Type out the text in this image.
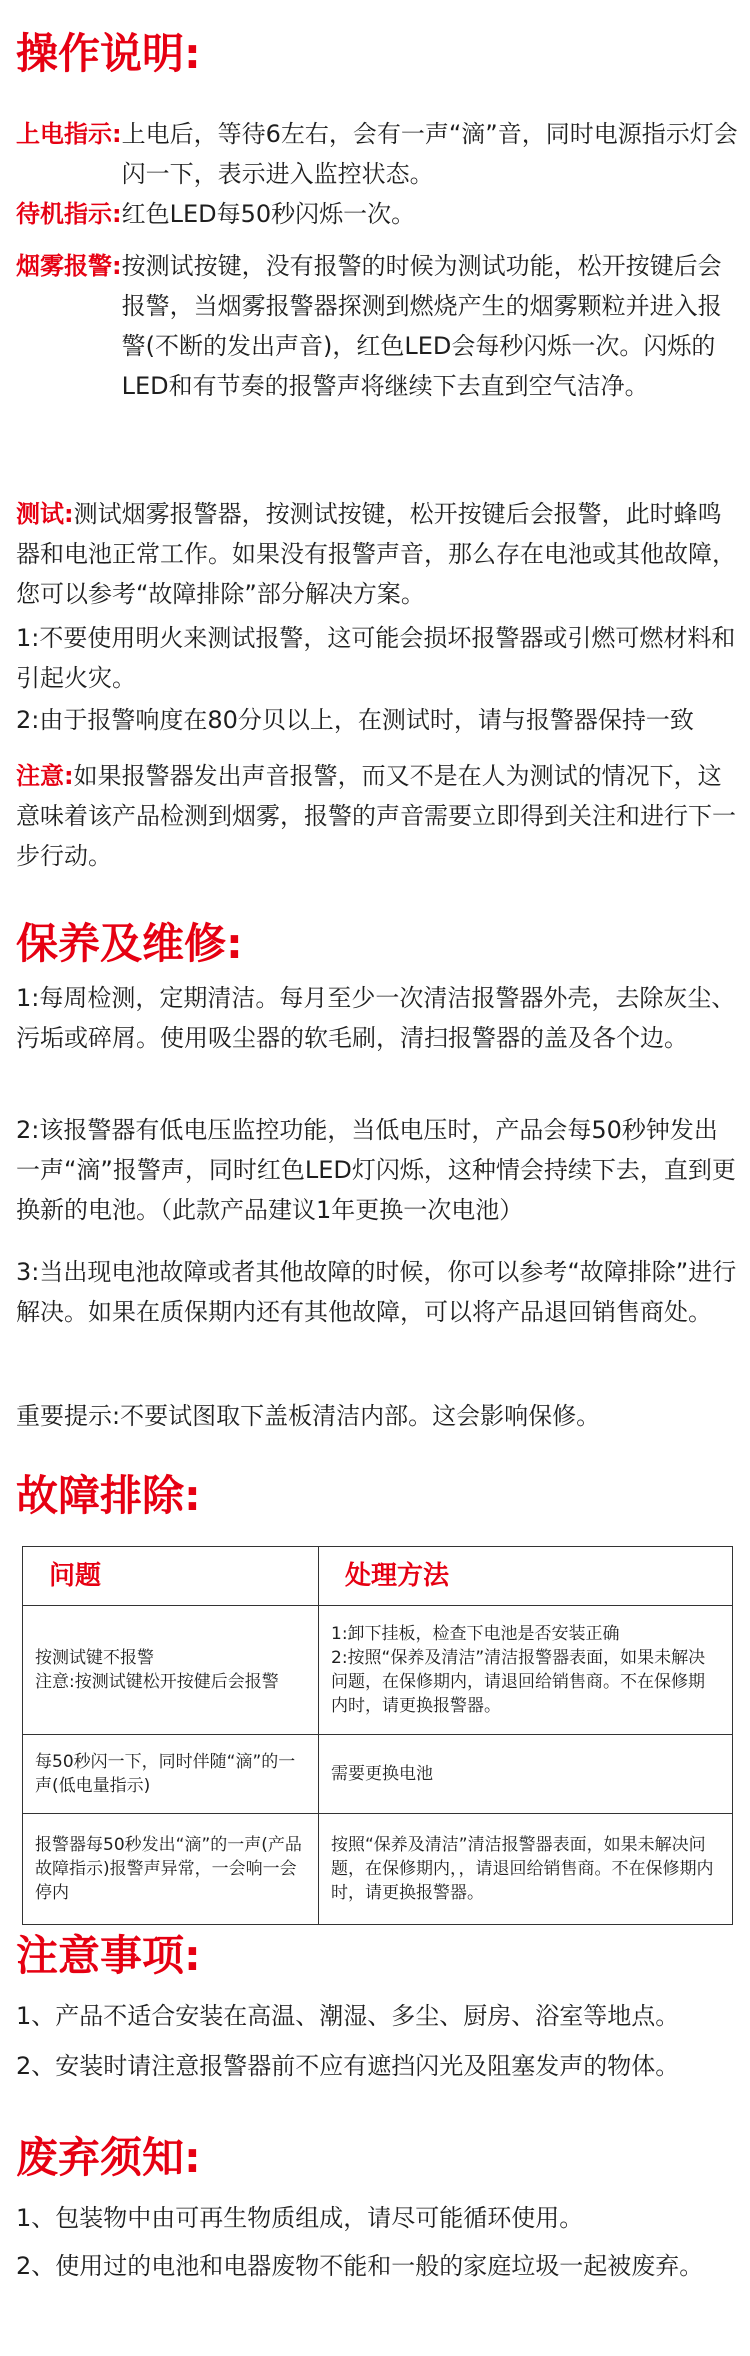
操作说明:
上电指示: 上电后，等待6左右，会有一声“滴”音，同时电源指示灯会闪一下，表示进入监控状态。
待机指示: 红色LED每50秒闪烁一次。
烟雾报警: 按测试按键，没有报警的时候为测试功能，松开按键后会报警，当烟雾报警器探测到燃烧产生的烟雾颗粒并进入报警(不断的发出声音)，红色LED会每秒闪烁一次。闪烁的LED和有节奏的报警声将继续下去直到空气洁净。

测试:测试烟雾报警器，按测试按键，松开按键后会报警，此时蜂鸣器和电池正常工作。如果没有报警声音，那么存在电池或其他故障，您可以参考“故障排除”部分解决方案。

1:不要使用明火来测试报警，这可能会损坏报警器或引燃可燃材料和引起火灾。

2:由于报警响度在80分贝以上，在测试时，请与报警器保持一致

注意:如果报警器发出声音报警，而又不是在人为测试的情况下，这意味着该产品检测到烟雾，报警的声音需要立即得到关注和进行下一步行动。

保养及维修:

1:每周检测，定期清洁。每月至少一次清洁报警器外壳，去除灰尘、污垢或碎屑。使用吸尘器的软毛刷，清扫报警器的盖及各个边。

2:该报警器有低电压监控功能，当低电压时，产品会每50秒钟发出一声“滴”报警声，同时红色LED灯闪烁，这种情会持续下去，直到更换新的电池。（此款产品建议1年更换一次电池）

3:当出现电池故障或者其他故障的时候，你可以参考“故障排除”进行解决。如果在质保期内还有其他故障，可以将产品退回销售商处。

重要提示:不要试图取下盖板清洁内部。这会影响保修。

故障排除:
问题	处理方法

按测试键不报警
注意:按测试键松开按健后会报警	1:卸下挂板，检查下电池是否安装正确
2:按照“保养及清洁”清洁报警器表面，如果未解决问题，在保修期内，请退回给销售商。不在保修期内时，请更换报警器。

每50秒闪一下，同时伴随“滴”的一声(低电量指示)	需要更换电池
报警器每50秒发出“滴”的一声(产品故障指示)报警声异常，一会响一会停内	按照“保养及清洁”清洁报警器表面，如果未解决问题，在保修期内，，请退回给销售商。不在保修期内时，请更换报警器。
注意事项:

1、产品不适合安装在高温、潮湿、多尘、厨房、浴室等地点。

2、安装时请注意报警器前不应有遮挡闪光及阻塞发声的物体。

废弃须知:

1、包装物中由可再生物质组成，请尽可能循环使用。

2、使用过的电池和电器废物不能和一般的家庭垃圾一起被废弃。
